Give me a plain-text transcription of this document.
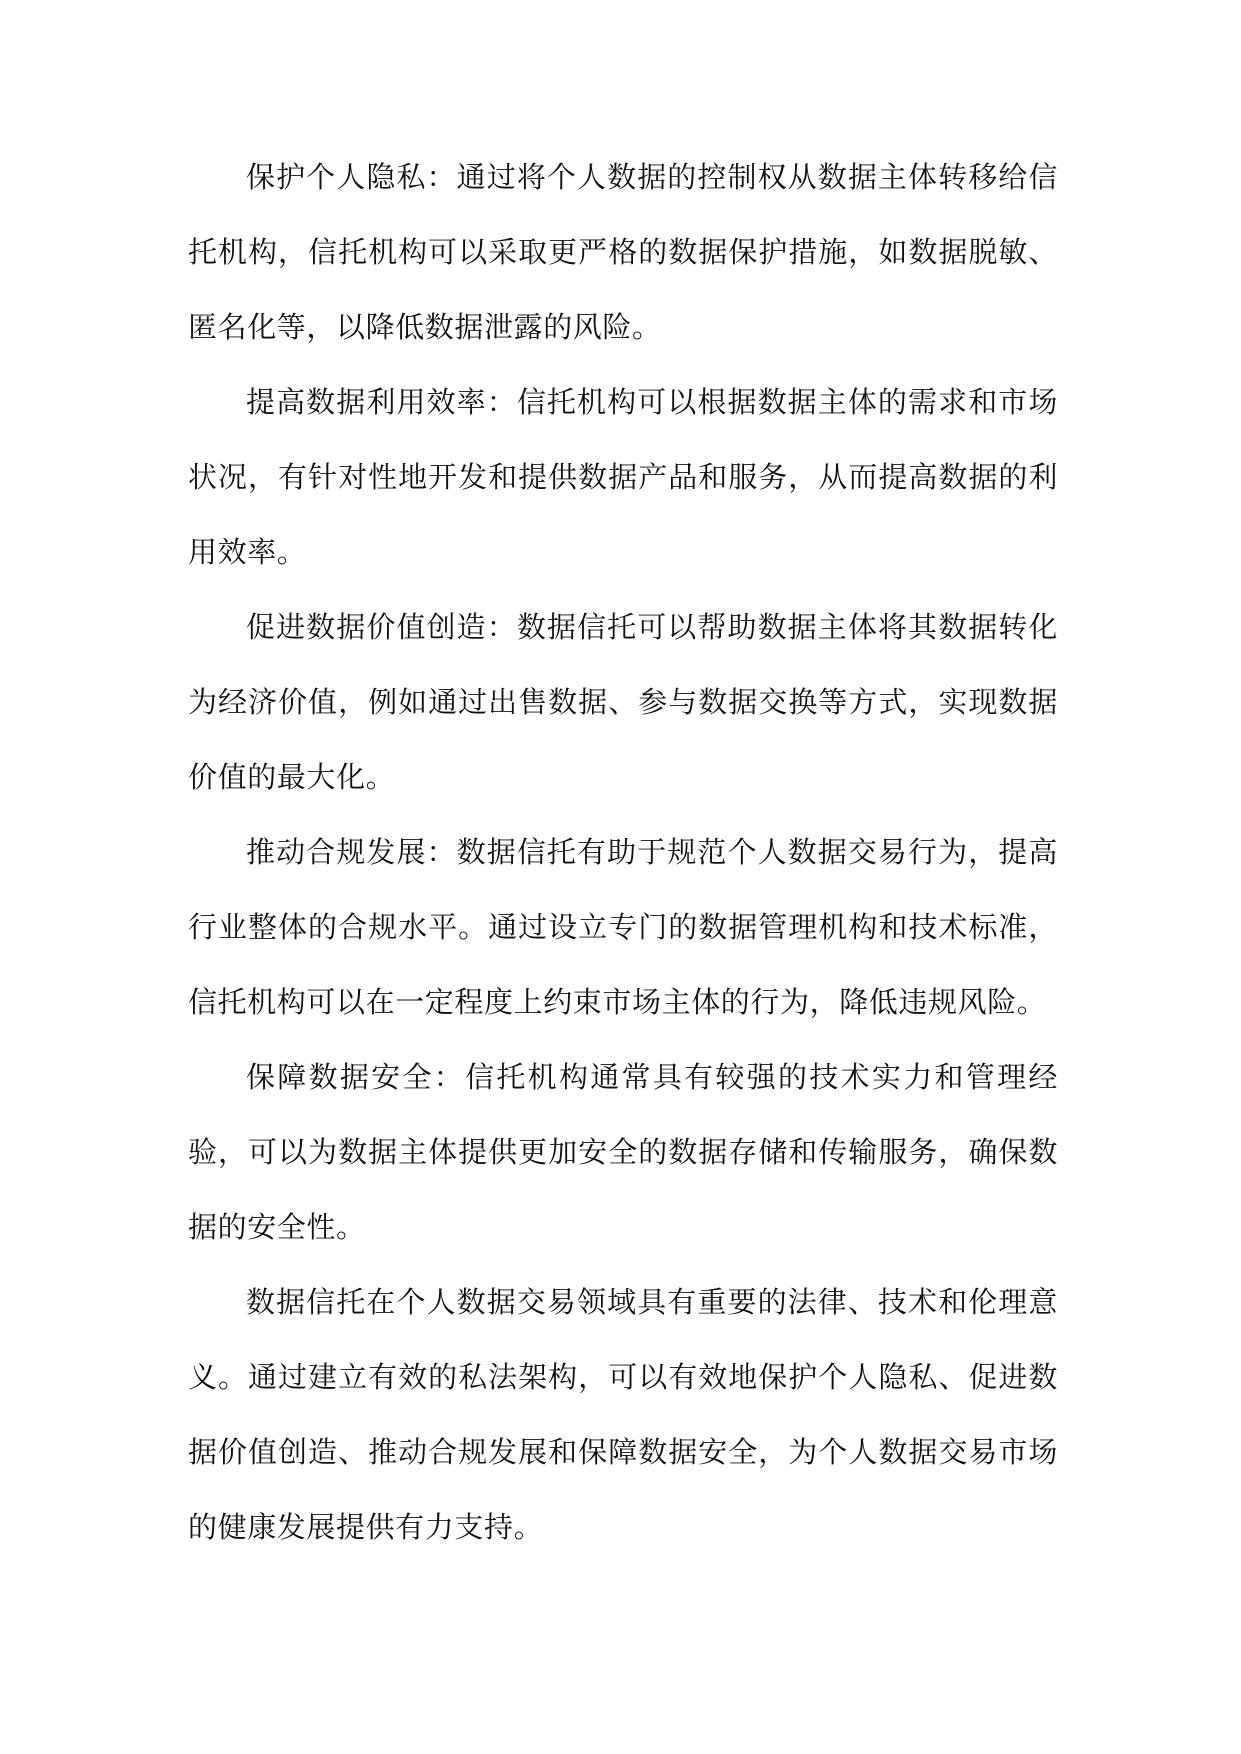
保护个人隐私：通过将个人数据的控制权从数据主体转移给信托机构，信托机构可以采取更严格的数据保护措施，如数据脱敏、匿名化等，以降低数据泄露的风险。

提高数据利用效率：信托机构可以根据数据主体的需求和市场状况，有针对性地开发和提供数据产品和服务，从而提高数据的利用效率。

促进数据价值创造：数据信托可以帮助数据主体将其数据转化为经济价值，例如通过出售数据、参与数据交换等方式，实现数据价值的最大化。

推动合规发展：数据信托有助于规范个人数据交易行为，提高行业整体的合规水平。通过设立专门的数据管理机构和技术标准，信托机构可以在一定程度上约束市场主体的行为，降低违规风险。

保障数据安全：信托机构通常具有较强的技术实力和管理经验，可以为数据主体提供更加安全的数据存储和传输服务，确保数据的安全性。

数据信托在个人数据交易领域具有重要的法律、技术和伦理意义。通过建立有效的私法架构，可以有效地保护个人隐私、促进数据价值创造、推动合规发展和保障数据安全，为个人数据交易市场的健康发展提供有力支持。
